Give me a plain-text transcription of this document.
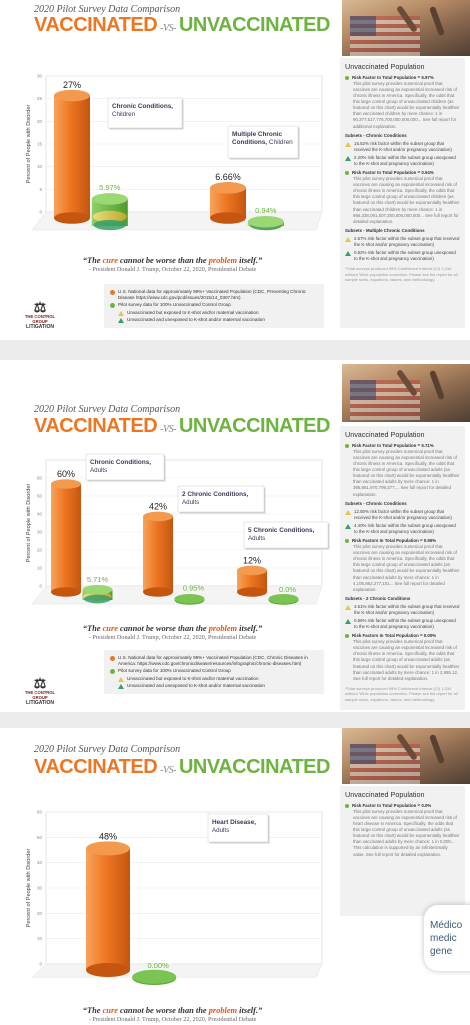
2020 Pilot Survey Data Comparison
VACCINATED -VS- UNVACCINATED
0
5
10
15
20
25
30
Percent of People with Disorder
27%
5.97%
Chronic Conditions,
Children
6.66%
0.94%
Multiple Chronic
Conditions, Children
“The cure cannot be worse than the problem itself.”
- President Donald J. Trump, October 22, 2020, Presidential Debate
U.S. National data for approximately 99%+ Vaccinated Population (CDC, Preventing Chronic Disease https://www.cdc.gov/pcd/issues/2015/14_0307.htm)
Pilot survey data for 100% Unvaccinated Control Group
Unvaccinated but exposed to K-shot and/or maternal vaccination
Unvaccinated and unexposed to K-shot and/or maternal vaccination
⚖
THE CONTROL GROUP
LITIGATION
Unvaccinated Population
Risk Factor In Total Population = 5.97%
This pilot survey provides numerical proof that vaccines are causing an exponential increased risk of chronic illness in America. Specifically, the odds that this large control group of unvaccinated children (as featured on this chart) would be exponentially healthier than vaccinated children by mere chance: 1 in 90,377,517,776,700,000,000,000... See full report for additional explanation.
Subsets - Chronic Conditions
15.52% risk factor within the subset group that received the K-shot and/or pregnancy vaccination)
2.20% risk factor within the subset group unexposed to the K-shot and pregnancy vaccination)
Risk Factor In Total Population = 0.94%
This pilot survey provides numerical proof that vaccines are causing an exponential increased risk of chronic illness in America. Specifically, the odds that this large control group of unvaccinated children (as featured on this chart) would be exponentially healthier than vaccinated children by mere chance: 1 in 966,338,091,507,300,000,000,000... See full report for detailed explanation.
Subsets - Multiple Chronic Conditions
2.57% risk factor within the subset group that received the K-shot and/or pregnancy vaccination)
0.52% risk factor within the subset group unexposed to the K-shot and pregnancy vaccination)
*Total surveys produced 99% Confidence Interval (CI) 1,034 without 'Wide population correction. Please see full report for all sample sizes, equations, values, and methodology.
2020 Pilot Survey Data Comparison
VACCINATED -VS- UNVACCINATED
0
10
20
30
40
50
60
Percent of People with Disorder
60%
5.71%
Chronic Conditions,
Adults
42%
0.95%
2 Chronic Conditions,
Adults
12%
0.0%
5 Chronic Conditions,
Adults
“The cure cannot be worse than the problem itself.”
- President Donald J. Trump, October 22, 2020, Presidential Debate
U.S. National data for approximately 99%+ Vaccinated Population (CDC, Chronic Diseases in America: https://www.cdc.gov/chronicdisease/resources/infographic/chronic-diseases.htm)
Pilot survey data for 100% Unvaccinated Control Group
Unvaccinated but exposed to K-shot and/or maternal vaccination
Unvaccinated and unexposed to K-shot and/or maternal vaccination
⚖
THE CONTROL GROUP
LITIGATION
Unvaccinated Population
Risk Factor In Total Population = 5.71%
This pilot survey provides numerical proof that vaccines are causing an exponential increased risk of chronic illness in America. Specifically, the odds that this large control group of unvaccinated adults (as featured on this chart) would be exponentially healthier than vaccinated adults by mere chance: 1 in 395,861,970,799,377,... See full report for detailed explanation.
Subsets - Chronic Conditions
12.50% risk factor within the subset group that received the K-shot and/or pregnancy vaccination)
4.40% risk factor within the subset group unexposed to the K-shot and pregnancy vaccination)
Risk Factors In Total Population = 0.95%
This pilot survey provides numerical proof that vaccines are causing an exponential increased risk of chronic illness in America. Specifically, the odds that this large control group of unvaccinated adults (as featured on this chart) would be exponentially healthier than vaccinated adults by mere chance: 1 in 4,105,862,277,101... See full report for detailed explanation.
Subsets - 2 Chronic Conditions
3.51% risk factor within the subset group that received the K-shot and/or pregnancy vaccination)
0.56% risk factor within the subset group unexposed to the K-shot and pregnancy vaccination)
Risk Factors In Total Population = 0.00%
This pilot survey provides numerical proof that vaccines are causing an exponential increased risk of chronic illness in America. Specifically, the odds that this large control group of unvaccinated adults (as featured on this chart) would be exponentially healthier than vaccinated adults by mere chance: 1 in 2,985.12. See full report for detailed explanation.
*Total surveys produced 99% Confidence Interval (CI) 1,034 without 'Wide population correction. Please see full report for all sample sizes, equations, values, and methodology.
2020 Pilot Survey Data Comparison
VACCINATED -VS- UNVACCINATED
0
10
20
30
40
50
60
Percent of People with Disorder
48%
0.00%
Heart Disease,
Adults
“The cure cannot be worse than the problem itself.”
- President Donald J. Trump, October 22, 2020, Presidential Debate
Unvaccinated Population
Risk Factor In Total Population = 0.0%
This pilot survey provides numerical proof that vaccines are causing an exponential increased risk of heart disease in America. Specifically, the odds that this large control group of unvaccinated adults (as featured on this chart) would be exponentially healthier than vaccinated adults by mere chance: 1 in 0,000... This calculation is supported by an infinitesimally value. See full report for detailed explanation.
Médico
medic
gene
